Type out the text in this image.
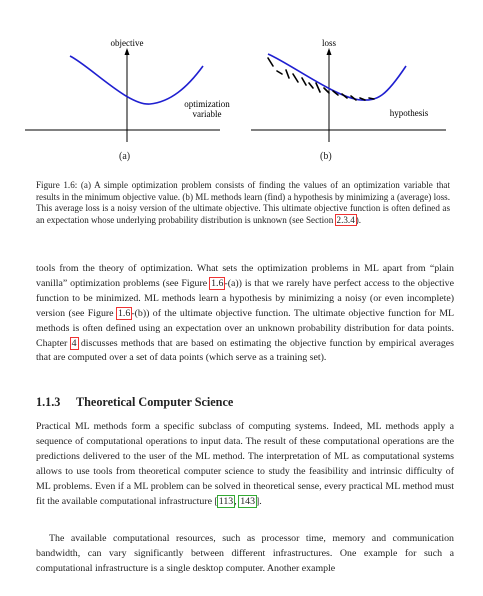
objective
optimization
variable
(a)
loss
hypothesis
(b)
Figure 1.6: (a) A simple optimization problem consists of finding the values of an optimization variable that results in the minimum objective value. (b) ML methods learn (find) a hypothesis by minimizing a (average) loss. This average loss is a noisy version of the ultimate objective. This ultimate objective function is often defined as an expectation whose underlying probability distribution is unknown (see Section 2.3.4).

tools from the theory of optimization. What sets the optimization problems in ML apart from “plain vanilla” optimization problems (see Figure 1.6-(a)) is that we rarely have perfect access to the objective function to be minimized. ML methods learn a hypothesis by minimizing a noisy (or even incomplete) version (see Figure 1.6-(b)) of the ultimate objective function. The ultimate objective function for ML methods is often defined using an expectation over an unknown probability distribution for data points. Chapter 4 discusses methods that are based on estimating the objective function by empirical averages that are computed over a set of data points (which serve as a training set).

1.1.3 Theoretical Computer Science

Practical ML methods form a specific subclass of computing systems. Indeed, ML methods apply a sequence of computational operations to input data. The result of these computational operations are the predictions delivered to the user of the ML method. The interpretation of ML as computational systems allows to use tools from theoretical computer science to study the feasibility and intrinsic difficulty of ML problems. Even if a ML problem can be solved in theoretical sense, every practical ML method must fit the available computational infrastructure [113, 143].

The available computational resources, such as processor time, memory and communication bandwidth, can vary significantly between different infrastructures. One example for such a computational infrastructure is a single desktop computer. Another example
